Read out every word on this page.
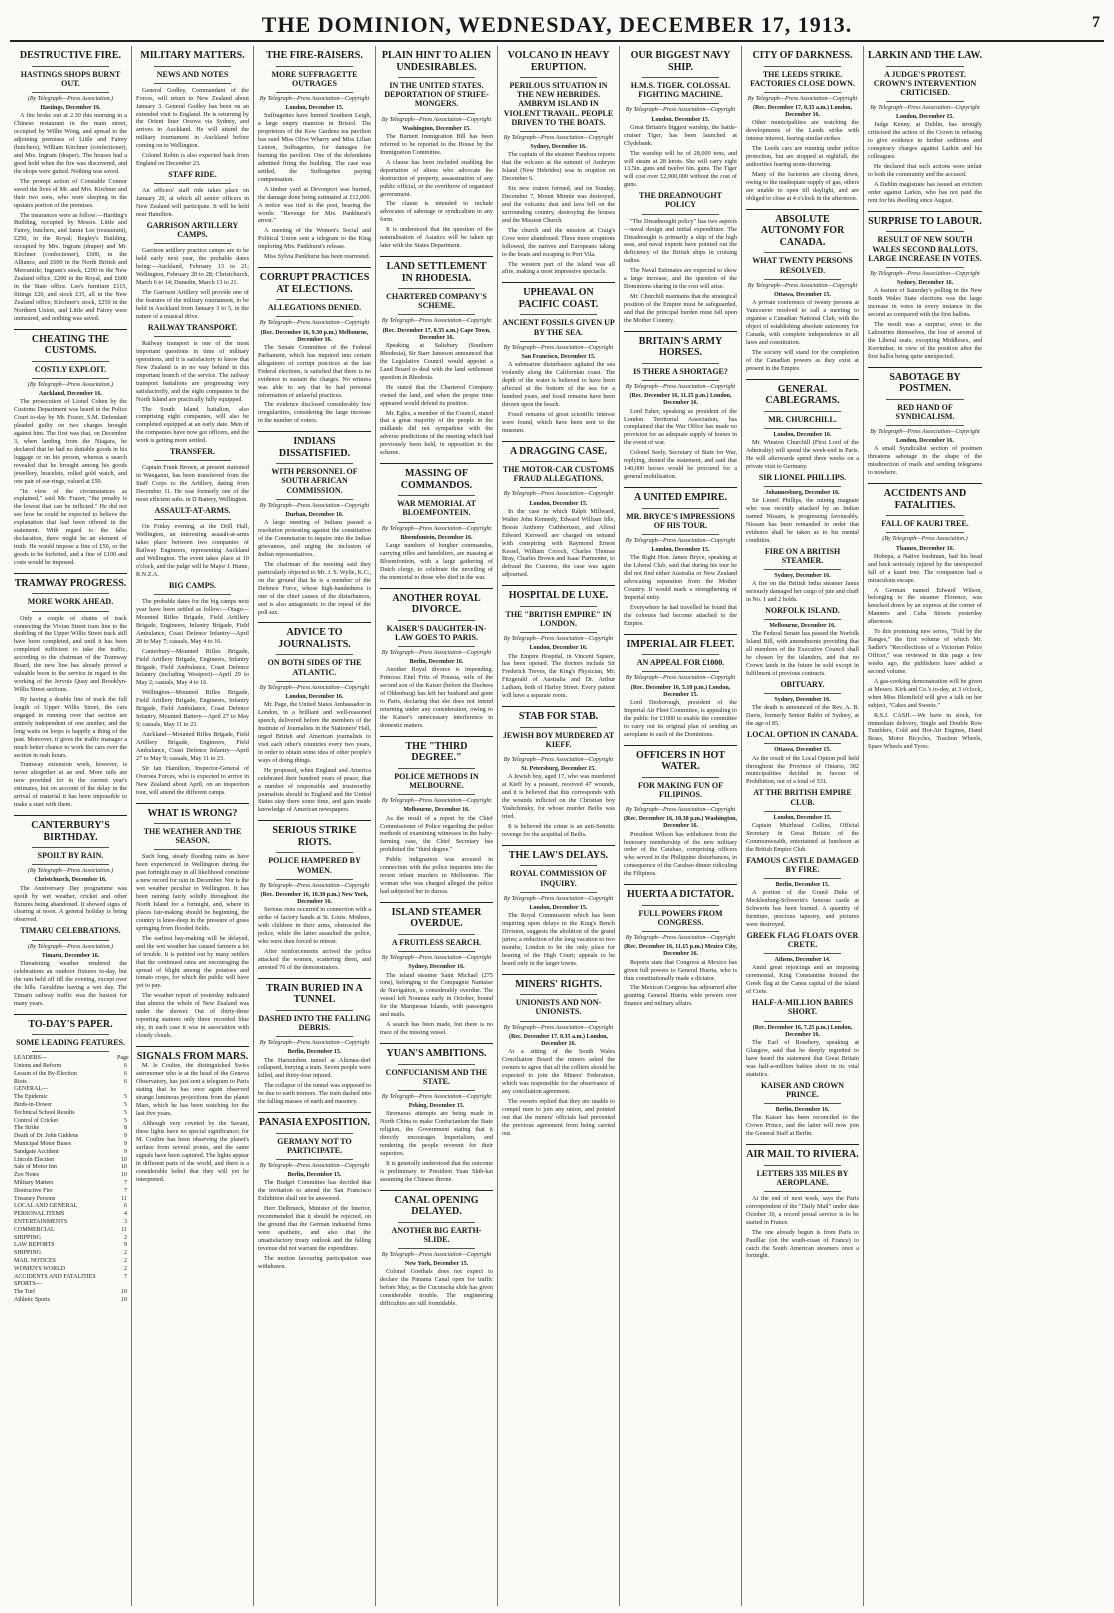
THE DOMINION, WEDNESDAY, DECEMBER 17, 1913.	7
DESTRUCTIVE FIRE.
HASTINGS SHOPS BURNT OUT.
(By Telegraph—Press Association.)
Hastings, December 16.
A fire broke out at 2.30 this morning in a Chinese restaurant in the main street, occupied by Willie Wong, and spread to the adjoining premises of Little and Fairey (butchers), William Kirchner (confectioner), and Mrs. Ingram (draper). The houses had a good hold when the fire was discovered, and the shops were gutted. Nothing was saved.
The prompt action of Constable Connor saved the lives of Mr. and Mrs. Kirchner and their two sons, who were sleeping in the upstairs portion of the premises.
The insurances were as follow:—Harding's Building, occupied by Messrs. Little and Fairey, butchers, and Jamie Lee (restaurant), £250, in the Royal; Begley's Building, occupied by Mrs. Ingram (draper) and Mr. Kirchner (confectioner), £600, in the Alliance, and £600 in the North British and Mercantile; Ingram's stock, £200 in the New Zealand office, £200 in the Royal, and £600 in the State office. Lee's furniture £115, fittings £20, and stock £35, all in the New Zealand office; Kirchner's stock, £250 in the Northern Union, and Little and Fairey were uninsured, and nothing was saved.
CHEATING THE CUSTOMS.
COSTLY EXPLOIT.
(By Telegraph—Press Association.)
Auckland, December 16.
The prosecution of Lionel Cohen by the Customs Department was heard in the Police Court to-day by Mr. Frazer, S.M. Defendant pleaded guilty on two charges brought against him. The first was that, on December 3, when landing from the Niagara, he declared that he had no dutiable goods in his luggage or on his person, whereas a search revealed that he brought among his goods jewellery, bracelets, rolled gold watch, and one pair of ear-rings, valued at £50.
"In view of the circumstances as explained," said Mr. Frazer, "the penalty is the lowest that can be inflicted." He did not see how he could be expected to believe the explanation that had been offered in the statement. With regard to the false declaration, there might be an element of truth. He would impose a fine of £50, or the goods to be forfeited, and a fine of £100 and costs would be imposed.
TRAMWAY PROGRESS.
MORE WORK AHEAD.
Only a couple of chains of track connecting the Vivian Street tram line to the doubling of the Upper Willis Street track still have been completed, and until it has been completed sufficient to take the traffic, according to the chairman of the Tramway Board, the new line has already proved a valuable boon to the service in regard to the working of the Jervois Quay and Brooklyn-Willis Street sections.
By having a double line of track the full length of Upper Willis Street, the cars engaged in running over that section are entirely independent of one another, and the long waits on loops is happily a thing of the past. Moreover, it gives the traffic manager a much better chance to work the cars over the section in rush hours.
Tramway extension work, however, is never altogether at an end. More rails are now provided for in the current year's estimates, but on account of the delay in the arrival of material it has been impossible to make a start with them.
CANTERBURY'S BIRTHDAY.
SPOILT BY RAIN.
(By Telegraph—Press Association.)
Christchurch, December 16.
The Anniversary Day programme was spoilt by wet weather, cricket and other fixtures being abandoned. It showed signs of clearing at noon. A general holiday is being observed.
TIMARU CELEBRATIONS.
(By Telegraph—Press Association.)
Timaru, December 16.
Threatening weather rendered the celebrations an outdoor fixtures to-day, but the rain held off till the evening, except over the hills. Geraldine having a wet day. The Timaru railway traffic was the busiest for many years.
TO-DAY'S PAPER.
SOME LEADING FEATURES.
LEADERS—	Page
Unions and Reform	6
Lesson of the By-Election	6
Riots	6
GENERAL—
The Epidemic	5
Birds-in-Dower	5
Technical School Results	5
Control of Cricket	5
The Strike	8
Death of Dr. John Giddens	9
Municipal Motor Buses	9
Sandgate Accident	9
Lincoln Election	10
Sale of Motor Inn	10
Zoo Notes	10
Military Matters	7
Destructive Fire	7
Treasury Persons	11
LOCAL AND GENERAL	6
PERSONAL ITEMS	4
ENTERTAINMENTS	3
COMMERCIAL	11
SHIPPING	2
LAW REPORTS	9
SHIPPING	2
MAIL NOTICES	2
WOMEN'S WORLD	2
ACCIDENTS AND FATALITIES	7
SPORTS—
The Turf	10
Athletic Sports	10
MILITARY MATTERS.
NEWS AND NOTES
General Godley, Commandant of the Forces, will return to New Zealand about January 3. General Godley has been on an extended visit to England. He is returning by the Orient liner Orsova via Sydney, and arrives in Auckland. He will attend the military tournament in Auckland before coming on to Wellington.
Colonel Robin is also expected back from England on December 23.
STAFF RIDE.
An officers' staff ride takes place on January 20, at which all senior officers in New Zealand will participate. It will be held near Hamilton.
GARRISON ARTILLERY CAMPS.
Garrison artillery practice camps are to be held early next year, the probable dates being:—Auckland, February 13 to 21; Wellington, February 20 to 28; Christchurch, March 6 to 14; Dunedin, March 13 to 21.
The Garrison Artillery will provide one of the features of the military tournament, to be held in Auckland from January 3 to 5, in the nature of a musical drive.
RAILWAY TRANSPORT.
Railway transport is one of the most important questions in time of military operations, and it is satisfactory to know that New Zealand is in no way behind in this important branch of the service. The railway transport battalions are progressing very satisfactorily, and the eight companies in the North Island are practically fully equipped.
The South Island battalion, also comprising eight companies, will also be completed equipped at an early date. Men of the companies have now got officers, and the work is getting more settled.
TRANSFER.
Captain Frank Brown, at present stationed in Wanganui, has been transferred from the Staff Corps to the Artillery, dating from December 11. He was formerly one of the most efficient subs. in D Battery, Wellington.
ASSAULT-AT-ARMS.
On Friday evening, at the Drill Hall, Wellington, an interesting assault-at-arms takes place between two companies of Railway Engineers, representing Auckland and Wellington. The event takes place at 10 o'clock, and the judge will be Major J. Hume, R.N.Z.A.
BIG CAMPS.
The probable dates for the big camps next year have been settled as follow:—Otago—Mounted Rifles Brigade, Field Artillery Brigade, Engineers, Infantry Brigade, Field Ambulance, Coast Defence Infantry—April 20 to May 7; casuals, May 4 to 16.
Canterbury—Mounted Rifles Brigade, Field Artillery Brigade, Engineers, Infantry Brigade, Field Ambulance, Coast Defence Infantry (including Westport)—April 29 to May 2; casuals, May 4 to 16.
Wellington—Mounted Rifles Brigade, Field Artillery Brigade, Engineers, Infantry Brigade, Field Ambulance, Coast Defence Infantry, Mounted Battery—April 27 to May 9; casuals, May 11 to 23.
Auckland—Mounted Rifles Brigade, Field Artillery Brigade, Engineers, Field Ambulance, Coast Defence Infantry—April 27 to May 9; casuals, May 11 to 23.
Sir Ian Hamilton, Inspector-General of Oversea Forces, who is expected to arrive in New Zealand about April, on an inspection tour, will attend the different camps.
WHAT IS WRONG?
THE WEATHER AND THE SEASON.
Such long, steady flooding rains as have been experienced in Wellington during the past fortnight may in all likelihood constitute a new record for rain in December. Nor is the wet weather peculiar to Wellington. It has been raining fairly solidly throughout the North Island for a fortnight, and, where in places fair-making should be beginning, the country is knee-deep in the pressure of grass springing from flooded fields.
The earliest hay-making will be delayed, and the wet weather has caused farmers a lot of trouble. It is pointed out by many settlers that the continued rains are encouraging the spread of blight among the potatoes and tomato crops, for which the public will have yet to pay.
The weather report of yesterday indicated that almost the whole of New Zealand was under the shower. Out of thirty-three reporting stations only three recorded blue sky, in each case it was in association with cloudy clouds.
SIGNALS FROM MARS.
M. le Coultre, the distinguished Swiss astronomer who is at the head of the Geneva Observatory, has just sent a telegram to Paris stating that he has once again observed strange luminous projections from the planet Mars, which he has been watching for the last five years.
Although very coveted by the Savant, these lights have no special significance; for M. Coultre has been observing the planet's surface from several points, and the same signals have been captured. The lights appear in different parts of the world, and there is a considerable belief that they will yet be interpreted.
THE FIRE-RAISERS.
MORE SUFFRAGETTE OUTRAGES
By Telegraph—Press Association—Copyright
London, December 15.
Suffragettes have burned Southern Leigh, a large empty mansion in Bristol. The proprietors of the Kew Gardens tea pavilion has sued Miss Olive Wharry and Miss Lilian Lenton, Suffragettes, for damages for burning the pavilion. One of the defendants admitted firing the building. The case was settled, the Suffragettes paying compensation.
A timber yard at Devonport was burned, the damage done being estimated at £12,000. A notice was tied to the post, bearing the words: "Revenge for Mrs. Pankhurst's arrest."
A meeting of the Women's Social and Political Union sent a telegram to the King imploring Mrs. Pankhurst's release.
Miss Sylvia Pankhurst has been rearrested.
CORRUPT PRACTICES AT ELECTIONS.
ALLEGATIONS DENIED.
By Telegraph—Press Association—Copyright
(Rec. December 16, 9.30 p.m.) Melbourne, December 16.
The Senate Committee of the Federal Parliament, which has inquired into certain allegations of corrupt practices at the last Federal elections, is satisfied that there is no evidence to sustain the charges. No witness was able to say that he had personal information of unlawful practices.
The evidence disclosed considerably few irregularities, considering the large increase in the number of voters.
INDIANS DISSATISFIED.
WITH PERSONNEL OF SOUTH AFRICAN COMMISSION.
By Telegraph—Press Association—Copyright
Durban, December 16.
A large meeting of Indians passed a resolution protesting against the constitution of the Commission to inquire into the Indian grievances, and urging the inclusion of Indian representatives.
The chairman of the meeting said they particularly objected to Mr. J. S. Wylie, K.C., on the ground that he is a member of the Defence Force, whose high-handedness is one of the chief causes of the disturbances, and is also antagonistic to the repeal of the poll-tax.
ADVICE TO JOURNALISTS.
ON BOTH SIDES OF THE ATLANTIC.
By Telegraph—Press Association—Copyright
London, December 16.
Mr. Page, the United States Ambassador in London, in a brilliant and well-reasoned speech, delivered before the members of the Institute of Journalists in the Stationers' Hall, urged British and American journalists to visit each other's countries every two years, in order to obtain some idea of other people's ways of doing things.
He proposed, when England and America celebrated their hundred years of peace, that a number of responsible and trustworthy journalists should in England and the United States stay there some time, and gain inside knowledge of American newspapers.
SERIOUS STRIKE RIOTS.
POLICE HAMPERED BY WOMEN.
By Telegraph—Press Association—Copyright
(Rec. December 16, 10.30 p.m.) New York, December 16.
Serious riots occurred in connection with a strike of factory hands at St. Louis. Mothers, with children in their arms, obstructed the police, while the latter assaulted the police, who were then forced to retreat.
After reinforcements arrived the police attacked the women, scattering them, and arrested 76 of the demonstrators.
TRAIN BURIED IN A TUNNEL
DASHED INTO THE FALLING DEBRIS.
By Telegraph—Press Association—Copyright
Berlin, December 15.
The Harzstoben tunnel at Altenau-dorf collapsed, burying a train. Seven people were killed, and thirty-four injured.
The collapse of the tunnel was supposed to be due to earth tremors. The train dashed into the falling masses of earth and masonry.
PANASIA EXPOSITION.
GERMANY NOT TO PARTICIPATE.
By Telegraph—Press Association—Copyright
Berlin, December 15.
The Budget Committee has decided that the invitation to attend the San Francisco Exhibition shall not be answered.
Herr Delbrueck, Minister of the Interior, recommended that it should be rejected, on the ground that the German industrial firms were apathetic, and also that the unsatisfactory treaty outlook and the falling revenue did not warrant the expenditure.
The motion favouring participation was withdrawn.
PLAIN HINT TO ALIEN UNDESIRABLES.
IN THE UNITED STATES. DEPORTATION OF STRIFE-MONGERS.
By Telegraph—Press Association—Copyright
Washington, December 15.
The Burnett Immigration Bill has been referred to be reported to the House by the Immigration Committee.
A clause has been included enabling the deportation of aliens who advocate the destruction of property, assassination of any public official, or the overthrow of organised government.
The clause is intended to include advocates of sabotage or syndicalism in any form.
It is understood that the question of the naturalisation of Asiatics will be taken up later with the States Department.
LAND SETTLEMENT IN RHODESIA.
CHARTERED COMPANY'S SCHEME.
By Telegraph—Press Association—Copyright
(Rec. December 17, 0.35 a.m.) Cape Town, December 16.
Speaking at Salisbury (Southern Rhodesia), Sir Starr Jameson announced that the Legislative Council would appoint a Land Board to deal with the land settlement question in Rhodesia.
He stated that the Chartered Company owned the land, and when the proper time appeared would defend its position.
Mr. Egles, a member of the Council, stated that a great majority of the people in the midlands did not sympathise with the adverse predictions of the meeting which had previously been held, in opposition to the scheme.
MASSING OF COMMANDOS.
WAR MEMORIAL AT BLOEMFONTEIN.
By Telegraph—Press Association—Copyright
Bloemfontein, December 16.
Large numbers of burgher commandos, carrying rifles and bandoliers, are massing at Bloemfontein, with a large gathering of Dutch clergy, to celebrate the unveiling of the memorial to those who died in the war.
ANOTHER ROYAL DIVORCE.
KAISER'S DAUGHTER-IN-LAW GOES TO PARIS.
By Telegraph—Press Association—Copyright
Berlin, December 16.
Another Royal divorce is impending. Princess Eitel Fritz of Prussia, wife of the second son of the Kaiser (before the Duchess of Oldenburg) has left her husband and gone to Paris, declaring that she does not intend returning under any consideration, owing to the Kaiser's unnecessary interference in domestic matters.
THE "THIRD DEGREE."
POLICE METHODS IN MELBOURNE.
By Telegraph—Press Association—Copyright
Melbourne, December 16.
As the result of a report by the Chief Commissioner of Police regarding the police methods of examining witnesses in the baby-farming case, the Chief Secretary has prohibited the "third degree."
Public indignation was aroused in connection with the police inquiries into the recent infant murders in Melbourne. The woman who was charged alleged the police had subjected her to duress.
ISLAND STEAMER OVERDUE.
A FRUITLESS SEARCH.
By Telegraph—Press Association—Copyright
Sydney, December 16.
The island steamer Saint Michael (275 tons), belonging to the Compagnie Nantaise de Navigation, is considerably overdue. The vessel left Noumea early in October, bound for the Marquesas Islands, with passengers and mails.
A search has been made, but there is no trace of the missing vessel.
YUAN'S AMBITIONS.
CONFUCIANISM AND THE STATE.
By Telegraph—Press Association—Copyright
Peking, December 15.
Strenuous attempts are being made in North China to make Confucianism the State religion, the Government stating that it directly encourages Imperialism, and rendering the people reverent for their superiors.
It is generally understood that the outcome is preliminary to President Yuan Shih-kai assuming the Chinese throne.
CANAL OPENING DELAYED.
ANOTHER BIG EARTH-SLIDE.
By Telegraph—Press Association—Copyright
New York, December 15.
Colonel Goethals does not expect to declare the Panama Canal open for traffic before May, as the Cucuracha slide has given considerable trouble. The engineering difficulties are still formidable.
VOLCANO IN HEAVY ERUPTION.
PERILOUS SITUATION IN THE NEW HEBRIDES. AMBRYM ISLAND IN VIOLENT TRAVAIL. PEOPLE DRIVEN TO THE BOATS.
By Telegraph—Press Association—Copyright
Sydney, December 16.
The captain of the steamer Pandora reports that the volcano at the summit of Ambrym Island (New Hebrides) was in eruption on December 6.
Six new craters formed, and on Sunday, December 7, Mount Minnie was destroyed, and the volcanic dust and lava fell on the surrounding country, destroying the houses and the Mission Church.
The church and the mission at Craig's Cove were abandoned. Three more eruptions followed, the natives and Europeans taking to the boats and escaping to Port Vila.
The western part of the island was all afire, making a most impressive spectacle.
UPHEAVAL ON PACIFIC COAST.
ANCIENT FOSSILS GIVEN UP BY THE SEA.
By Telegraph—Press Association—Copyright
San Francisco, December 15.
A submarine disturbance agitated the sea violently along the Californian coast. The depth of the water is believed to have been affected at the bottom of the sea for a hundred years, and fossil remains have been thrown upon the beach.
Fossil remains of great scientific interest were found, which have been sent to the museum.
A DRAGGING CASE.
THE MOTOR-CAR CUSTOMS FRAUD ALLEGATIONS.
By Telegraph—Press Association—Copyright
London, December 15.
In the case in which Ralph Millward, Walter John Kennedy, Edward William Idle, Bessie Anthony Cuthbertson, and Alfred Edward Kerswell are charged on remand with conspiring with Raymond Ernest Kessel, William Crooch, Charles Thomas Bray, Charles Brown and Isaac Parmenter, to defraud the Customs, the case was again adjourned.
HOSPITAL DE LUXE.
THE "BRITISH EMPIRE" IN LONDON.
By Telegraph—Press Association—Copyright
London, December 16.
The Empire Hospital, in Vincent Square, has been opened. The doctors include Sir Frederick Treves, the King's Physician, Mr. Fitzgerald of Australia and Dr. Arthur Latham, both of Harley Street. Every patient will have a separate room.
STAB FOR STAB.
JEWISH BOY MURDERED AT KIEFF.
By Telegraph—Press Association—Copyright
St. Petersburg, December 15.
A Jewish boy, aged 17, who was murdered at Kieff by a peasant, received 47 wounds, and it is believed that this corresponds with the wounds inflicted on the Christian boy Yushchinsky, for whose murder Beilis was tried.
It is believed the crime is an anti-Semitic revenge for the acquittal of Beilis.
THE LAW'S DELAYS.
ROYAL COMMISSION OF INQUIRY.
By Telegraph—Press Association—Copyright
London, December 15.
The Royal Commission which has been inquiring upon delays in the King's Bench Division, suggests the abolition of the grand juries; a reduction of the long vacation to two months; London to be the only place for hearing of the High Court; appeals to be heard only in the larger towns.
MINERS' RIGHTS.
UNIONISTS AND NON-UNIONISTS.
By Telegraph—Press Association—Copyright
(Rec. December 17, 0.35 a.m.) London, December 16.
At a sitting of the South Wales Conciliation Board the miners asked the owners to agree that all the colliers should be expected to join the Miners' Federation, which was responsible for the observance of any conciliation agreement.
The owners replied that they are unable to compel men to join any union, and pointed out that the miners' officials had prevented the previous agreement from being carried out.
OUR BIGGEST NAVY SHIP.
H.M.S. TIGER. COLOSSAL FIGHTING MACHINE.
By Telegraph—Press Association—Copyright
London, December 15.
Great Britain's biggest warship, the battle-cruiser Tiger, has been launched at Clydebank.
The warship will be of 28,000 tons, and will steam at 28 knots. She will carry eight 13.5in. guns and twelve 6in. guns. The Tiger will cost over £2,000,000 without the cost of guns.
THE DREADNOUGHT POLICY
"The Dreadnought policy" has two aspects—naval design and initial expenditure. The Dreadnought is primarily a ship of the high seas, and naval experts have pointed out the deficiency of the British ships in cruising radius.
The Naval Estimates are expected to show a large increase, and the question of the Dominions sharing in the cost will arise.
Mr. Churchill maintains that the strategical position of the Empire must be safeguarded, and that the principal burden must fall upon the Mother Country.
BRITAIN'S ARMY HORSES.
IS THERE A SHORTAGE?
By Telegraph—Press Association—Copyright
(Rec. December 16, 11.15 p.m.) London, December 16.
Lord Esher, speaking as president of the London Territorial Association, has complained that the War Office has made no provision for an adequate supply of horses in the event of war.
Colonel Seely, Secretary of State for War, replying, denied the statement, and said that 140,000 horses would be procured for a general mobilisation.
A UNITED EMPIRE.
MR. BRYCE'S IMPRESSIONS OF HIS TOUR.
By Telegraph—Press Association—Copyright
London, December 15.
The Right Hon. James Bryce, speaking at the Liberal Club, said that during his tour he did not find either Australia or New Zealand advocating separation from the Mother Country. It would mark a strengthening of Imperial unity.
Everywhere he had travelled he found that the colonies had become attached to the Empire.
IMPERIAL AIR FLEET.
AN APPEAL FOR £1000.
By Telegraph—Press Association—Copyright
(Rec. December 16, 5.10 p.m.) London, December 15.
Lord Desborough, president of the Imperial Air Fleet Committee, is appealing to the public for £1000 to enable the committee to carry out its original plan of sending an aeroplane to each of the Dominions.
OFFICERS IN HOT WATER.
FOR MAKING FUN OF FILIPINOS.
By Telegraph—Press Association—Copyright
(Rec. December 16, 10.30 p.m.) Washington, December 16.
President Wilson has withdrawn from the honorary membership of the new military order of the Carabao, comprising officers who served in the Philippine disturbances, in consequence of the Carabao dinner ridiculing the Filipinos.
HUERTA A DICTATOR.
FULL POWERS FROM CONGRESS.
By Telegraph—Press Association—Copyright
(Rec. December 16, 11.15 p.m.) Mexico City, December 16.
Reports state that Congress at Mexico has given full powers to General Huerta, who is thus constitutionally made a dictator.
The Mexican Congress has adjourned after granting General Huerta wide powers over finance and military affairs.
CITY OF DARKNESS.
THE LEEDS STRIKE. FACTORIES CLOSE DOWN.
By Telegraph—Press Association—Copyright
(Rec. December 17, 0.35 a.m.) London, December 16.
Other municipalities are watching the developments of the Leeds strike with intense interest, fearing similar strikes.
The Leeds cars are running under police protection, but are stopped at nightfall, the authorities fearing stone-throwing.
Many of the factories are closing down, owing to the inadequate supply of gas, others are unable to open till daylight, and are obliged to close at 4 o'clock in the afternoon.
ABSOLUTE AUTONOMY FOR CANADA.
WHAT TWENTY PERSONS RESOLVED.
By Telegraph—Press Association—Copyright
Ottawa, December 15.
A private conference of twenty persons at Vancouver resolved to call a meeting to organise a Canadian National Club, with the object of establishing absolute autonomy for Canada, with complete independence in all laws and constitution.
The society will stand for the completion of the Canadian powers as they exist at present in the Empire.
GENERAL CABLEGRAMS.
MR. CHURCHILL.
London, December 16.
Mr. Winston Churchill (First Lord of the Admiralty) will spend the week-end in Paris. He will afterwards spend three weeks on a private visit to Germany.
SIR LIONEL PHILLIPS.
Johannesburg, December 16.
Sir Lionel Phillips, the mining magnate who was recently attacked by an Indian named Nissam, is progressing favourably. Nissam has been remanded in order that evidence shall be taken as to his mental condition.
FIRE ON A BRITISH STEAMER.
Sydney, December 16.
A fire on the British India steamer Janus seriously damaged her cargo of jute and chaff in No. 1 and 2 holds.
NORFOLK ISLAND.
Melbourne, December 16.
The Federal Senate has passed the Norfolk Island Bill, with amendments providing that all members of the Executive Council shall be chosen by the islanders, and that no Crown lands in the future be sold except in fulfilment of previous contracts.
OBITUARY.
Sydney, December 16.
The death is announced of the Rev. A. B. Davis, formerly Senior Rabbi of Sydney, at the age of 85.
LOCAL OPTION IN CANADA.
Ottawa, December 15.
As the result of the Local Option poll held throughout the Province of Ontario, 302 municipalities decided in favour of Prohibition, out of a total of 531.
AT THE BRITISH EMPIRE CLUB.
London, December 15.
Captain Muirhead Collins, Official Secretary in Great Britain of the Commonwealth, entertained at luncheon at the British Empire Club.
FAMOUS CASTLE DAMAGED BY FIRE.
Berlin, December 15.
A portion of the Grand Duke of Mecklenburg-Schwerin's famous castle at Schwerin has been burned. A quantity of furniture, precious tapestry, and pictures were destroyed.
GREEK FLAG FLOATS OVER CRETE.
Athens, December 14.
Amid great rejoicings and an imposing ceremonial, King Constantine hoisted the Greek flag at the Canea capital of the island of Crete.
HALF-A-MILLION BABIES SHORT.
(Rec. December 16, 7.25 p.m.) London, December 16.
The Earl of Rosebery, speaking at Glasgow, said that he deeply regretted to have heard the statement that Great Britain was half-a-million babies short in its vital statistics.
KAISER AND CROWN PRINCE.
Berlin, December 16.
The Kaiser has been reconciled to the Crown Prince, and the latter will now join the General Staff at Berlin.
AIR MAIL TO RIVIERA.
LETTERS 335 MILES BY AEROPLANE.
At the end of next week, says the Paris correspondent of the "Daily Mail" under date October 30, a record postal service is to be started in France.
The one already begun is from Paris to Pauillac (on the south-coast of France) to catch the South American steamers once a fortnight.
LARKIN AND THE LAW.
A JUDGE'S PROTEST. CROWN'S INTERVENTION CRITICISED.
By Telegraph—Press Association—Copyright
London, December 15.
Judge Kenny, at Dublin, has strongly criticised the action of the Crown in refusing to give evidence in further seditions and conspiracy charges against Larkin and his colleagues.
He declared that such actions were unfair to both the community and the accused.
A Dublin magistrate has issued an eviction order against Larkin, who has not paid the rent for his dwelling since August.
SURPRISE TO LABOUR.
RESULT OF NEW SOUTH WALES SECOND BALLOTS. LARGE INCREASE IN VOTES.
By Telegraph—Press Association—Copyright
Sydney, December 16.
A feature of Saturday's polling in the New South Wales State elections was the large increase in votes in every instance in the second as compared with the first ballots.
The result was a surprise, even to the Labourites themselves, the loss of several of the Liberal seats, excepting Middlesex, and Kerrimbar, in view of the position after the first ballot being quite unexpected.
SABOTAGE BY POSTMEN.
RED HAND OF SYNDICALISM.
By Telegraph—Press Association—Copyright
London, December 16.
A small Syndicalist section of postmen threatens sabotage in the shape of the misdirection of mails and sending telegrams to nowhere.
ACCIDENTS AND FATALITIES.
FALL OF KAURI TREE.
(By Telegraph—Press Association.)
Thames, December 16.
Hobepa, a Native bushman, had his head and back seriously injured by the unexpected fall of a kauri tree. The companion had a miraculous escape.
A German named Edward Wilson, belonging to the steamer Florence, was knocked down by an express at the corner of Manners and Cuba Streets yesterday afternoon.
To this promising new series, "Told by the Ranges," the first volume of which Mr. Sadler's "Recollections of a Victorian Police Officer," was reviewed in this page a few weeks ago, the publishers have added a second volume.
A gas-cooking demonstration will be given at Messrs. Kirk and Co.'s to-day, at 3 o'clock, when Miss Blomfield will give a talk on her subject, "Cakes and Sweets."
R.S.J. CASH.—We have in stock, for immediate delivery, Single and Double Row Tumblers, Cold and Hot-Air Engines, Hand Brass, Motor Bicycles, Traction Wheels, Spare Wheels and Tyres.
